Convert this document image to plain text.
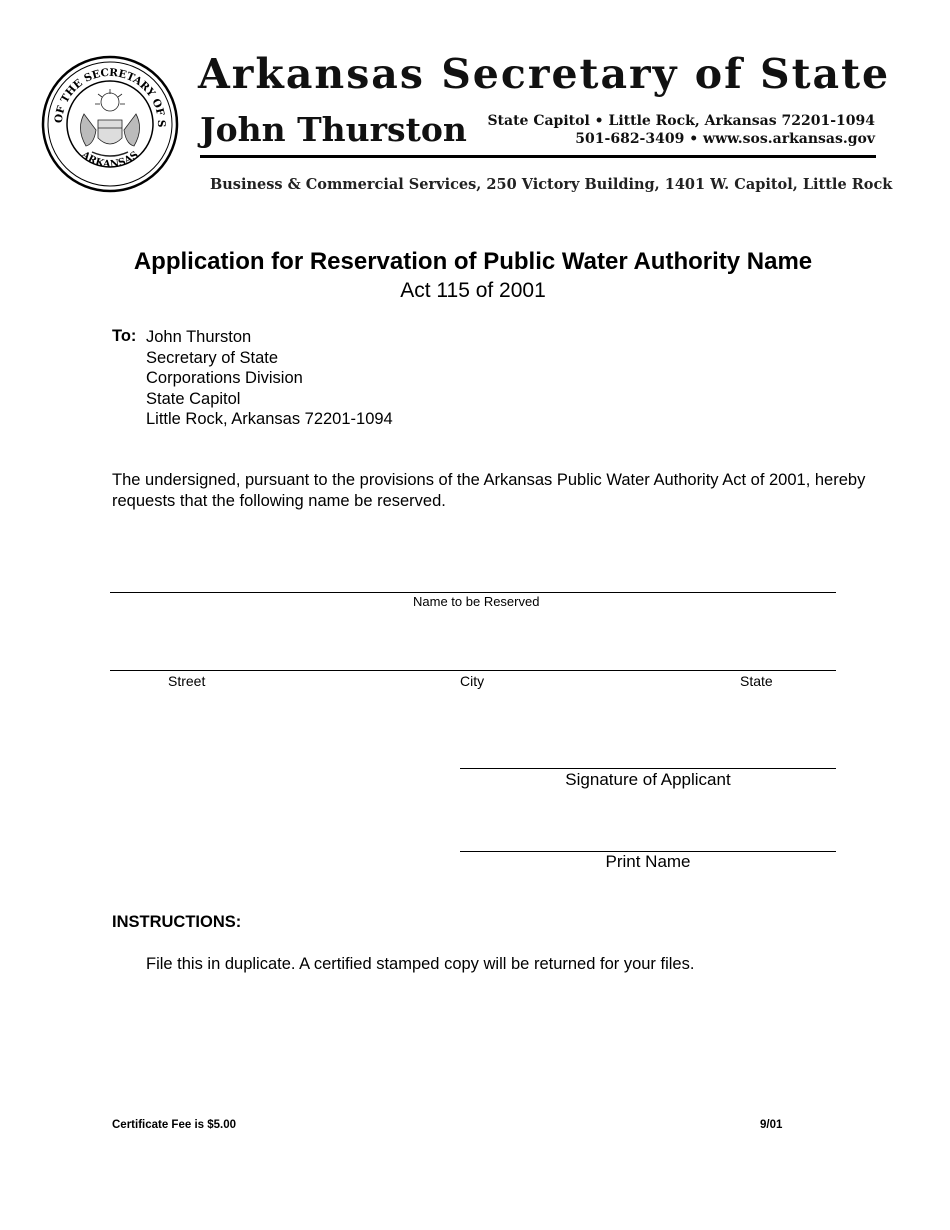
OF THE SECRETARY OF S
ARKANSAS
Arkansas Secretary of State
John Thurston State Capitol • Little Rock, Arkansas 72201-1094
501-682-3409 • www.sos.arkansas.gov
Business & Commercial Services, 250 Victory Building, 1401 W. Capitol, Little Rock
Application for Reservation of Public Water Authority Name
Act 115 of 2001
To: John Thurston
Secretary of State
Corporations Division
State Capitol
Little Rock, Arkansas 72201-1094
The undersigned, pursuant to the provisions of the Arkansas Public Water Authority Act of 2001, hereby requests that the following name be reserved.
Name to be Reserved
Street	City	State
Signature of Applicant
Print Name
INSTRUCTIONS:
File this in duplicate. A certified stamped copy will be returned for your files.
Certificate Fee is $5.00	9/01
